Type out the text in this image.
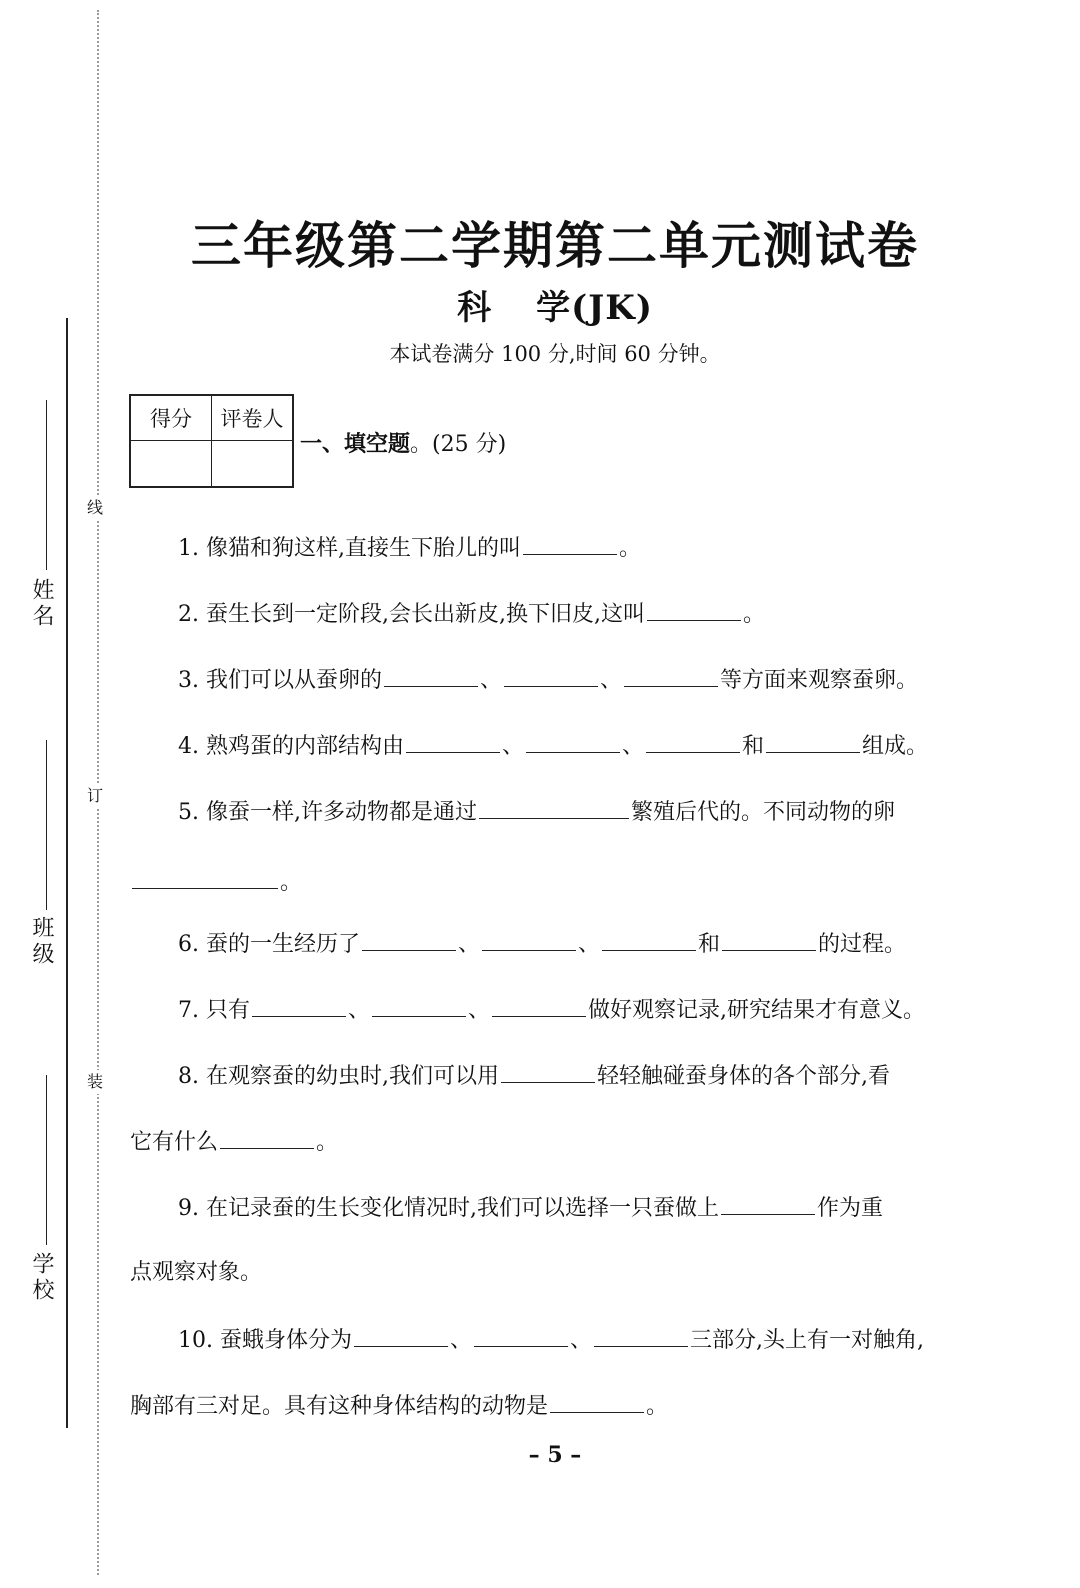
线
订
装
姓名
班级
学校
三年级第二学期第二单元测试卷
科 学(JK)
本试卷满分 100 分,时间 60 分钟。
得分	评卷人

一、填空题。(25 分)
1. 像猫和狗这样,直接生下胎儿的叫	。
2. 蚕生长到一定阶段,会长出新皮,换下旧皮,这叫	。
3. 我们可以从蚕卵的	、	、	等方面来观察蚕卵。
4. 熟鸡蛋的内部结构由	、	、	和	组成。
5. 像蚕一样,许多动物都是通过	繁殖后代的。不同动物的卵
。
6. 蚕的一生经历了	、	、	和	的过程。
7. 只有	、	、	做好观察记录,研究结果才有意义。
8. 在观察蚕的幼虫时,我们可以用	轻轻触碰蚕身体的各个部分,看
它有什么	。
9. 在记录蚕的生长变化情况时,我们可以选择一只蚕做上	作为重
点观察对象。
10. 蚕蛾身体分为	、	、	三部分,头上有一对触角,
胸部有三对足。具有这种身体结构的动物是	。
– 5 –
